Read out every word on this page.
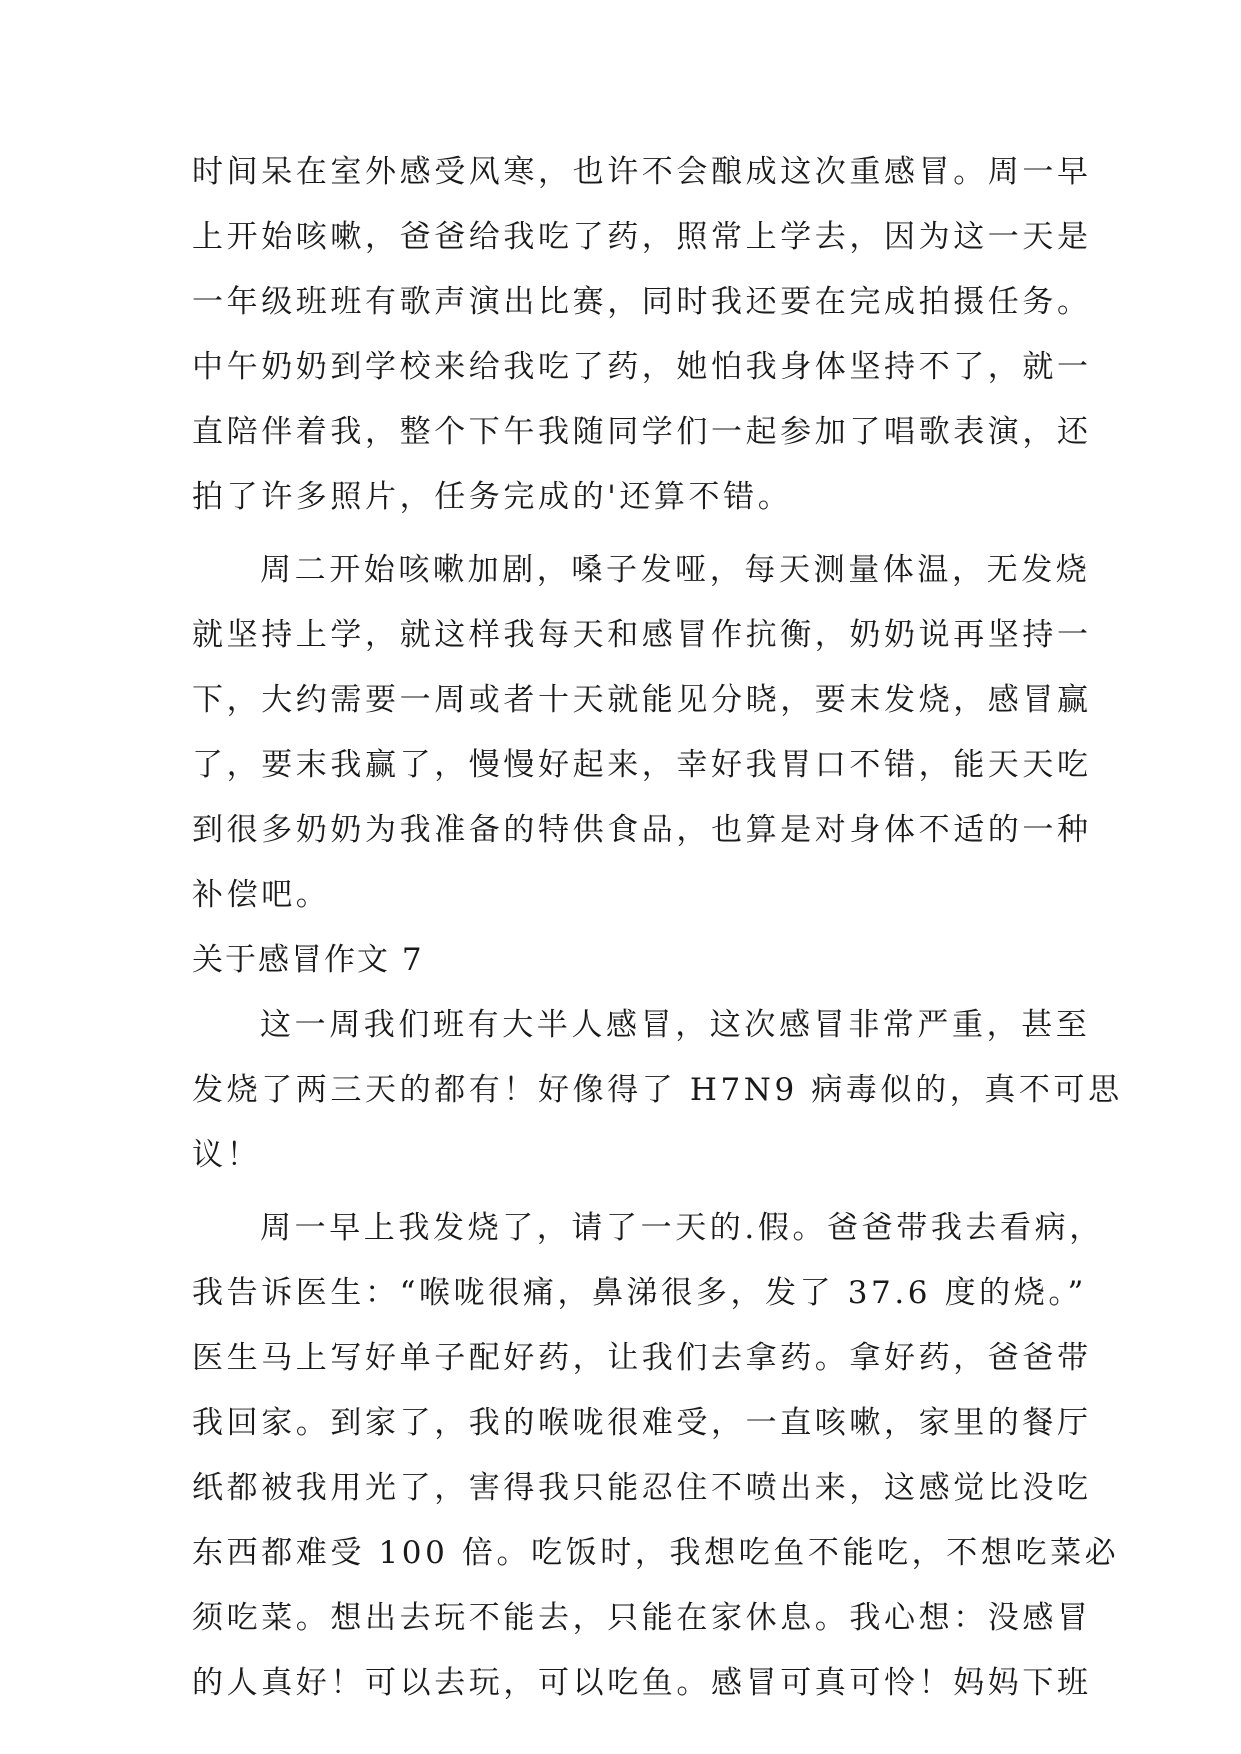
时间呆在室外感受风寒，也许不会酿成这次重感冒。周一早
上开始咳嗽，爸爸给我吃了药，照常上学去，因为这一天是
一年级班班有歌声演出比赛，同时我还要在完成拍摄任务。
中午奶奶到学校来给我吃了药，她怕我身体坚持不了，就一
直陪伴着我，整个下午我随同学们一起参加了唱歌表演，还
拍了许多照片，任务完成的'还算不错。
周二开始咳嗽加剧，嗓子发哑，每天测量体温，无发烧
就坚持上学，就这样我每天和感冒作抗衡，奶奶说再坚持一
下，大约需要一周或者十天就能见分晓，要末发烧，感冒赢
了，要末我赢了，慢慢好起来，幸好我胃口不错，能天天吃
到很多奶奶为我准备的特供食品，也算是对身体不适的一种
补偿吧。
关于感冒作文 7
这一周我们班有大半人感冒，这次感冒非常严重，甚至
发烧了两三天的都有！好像得了 H7N9 病毒似的，真不可思
议！
周一早上我发烧了，请了一天的.假。爸爸带我去看病，
我告诉医生：“喉咙很痛，鼻涕很多，发了 37.6 度的烧。”
医生马上写好单子配好药，让我们去拿药。拿好药，爸爸带
我回家。到家了，我的喉咙很难受，一直咳嗽，家里的餐厅
纸都被我用光了，害得我只能忍住不喷出来，这感觉比没吃
东西都难受 100 倍。吃饭时，我想吃鱼不能吃，不想吃菜必
须吃菜。想出去玩不能去，只能在家休息。我心想：没感冒
的人真好！可以去玩，可以吃鱼。感冒可真可怜！妈妈下班
